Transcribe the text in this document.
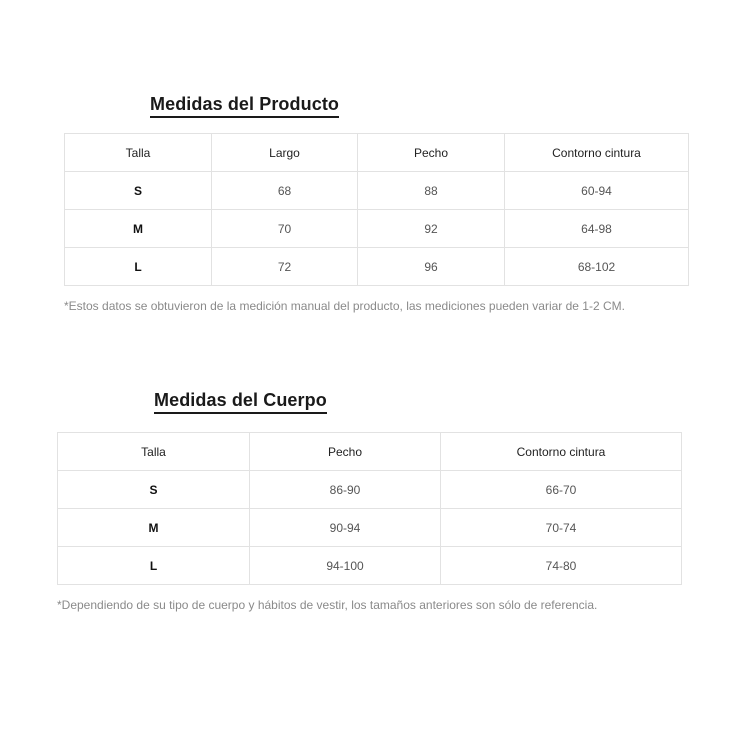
Medidas del Producto
Talla	Largo	Pecho	Contorno cintura
S	68	88	60-94
M	70	92	64-98
L	72	96	68-102
*Estos datos se obtuvieron de la medición manual del producto, las mediciones pueden variar de 1-2 CM.
Medidas del Cuerpo
Talla	Pecho	Contorno cintura
S	86-90	66-70
M	90-94	70-74
L	94-100	74-80
*Dependiendo de su tipo de cuerpo y hábitos de vestir, los tamaños anteriores son sólo de referencia.
